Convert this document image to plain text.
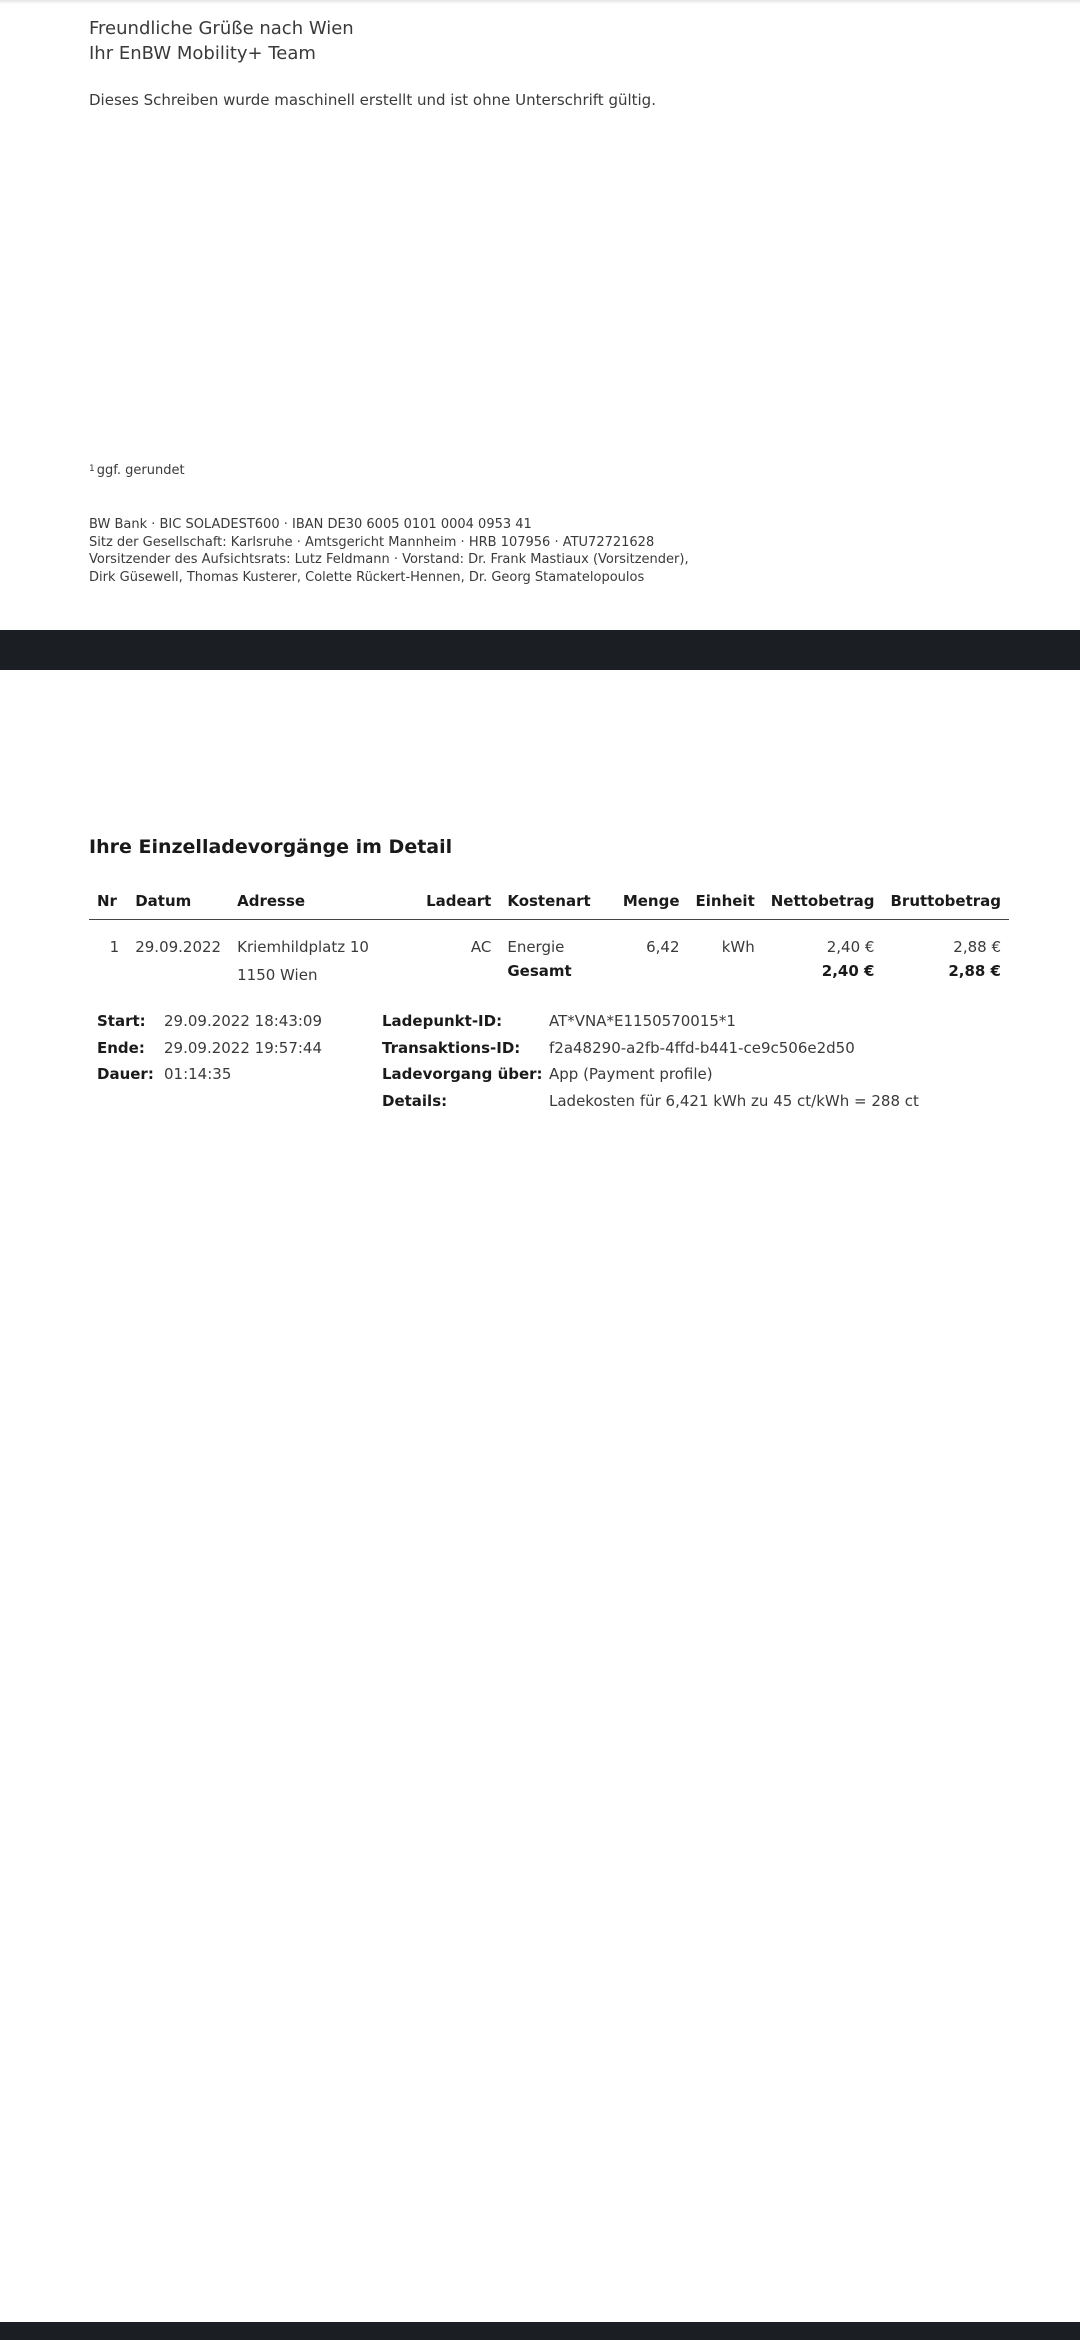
Freundliche Grüße nach Wien
Ihr EnBW Mobility+ Team
Dieses Schreiben wurde maschinell erstellt und ist ohne Unterschrift gültig.
$^1$ ggf. gerundet
BW Bank · BIC SOLADEST600 · IBAN DE30 6005 0101 0004 0953 41
Sitz der Gesellschaft: Karlsruhe · Amtsgericht Mannheim · HRB 107956 · ATU72721628
Vorsitzender des Aufsichtsrats: Lutz Feldmann · Vorstand: Dr. Frank Mastiaux (Vorsitzender),
Dirk Güsewell, Thomas Kusterer, Colette Rückert-Hennen, Dr. Georg Stamatelopoulos
Ihre Einzelladevorgänge im Detail
Nr	Datum	Adresse	Ladeart	Kostenart	Menge	Einheit	Nettobetrag	Bruttobetrag
1	29.09.2022	Kriemhildplatz 10	AC	Energie	6,42	kWh	2,40 €	2,88 €
		1150 Wien		Gesamt			2,40 €	2,88 €
Start: 29.09.2022 18:43:09
Ende: 29.09.2022 19:57:44
Dauer: 01:14:35
Ladepunkt-ID:	AT*VNA*E1150570015*1
Transaktions-ID: f2a48290-a2fb-4ffd-b441-ce9c506e2d50
Ladevorgang über: App (Payment profile)
Details:	Ladekosten für 6,421 kWh zu 45 ct/kWh = 288 ct
